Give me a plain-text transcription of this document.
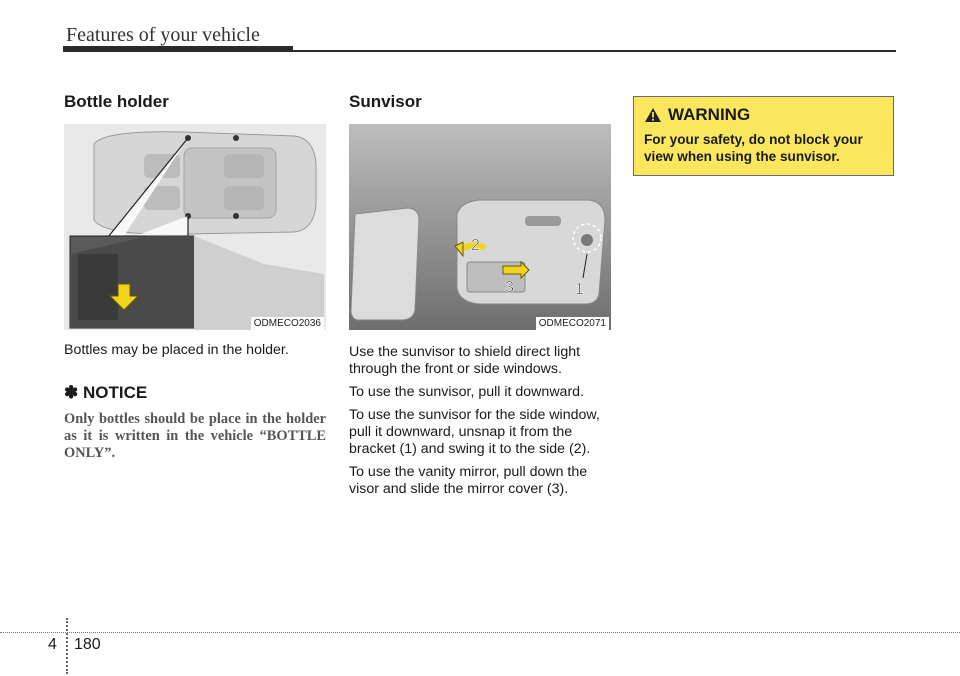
Features of your vehicle
Bottle holder
ODMECO2036

Bottles may be placed in the holder.

✽ NOTICE
Only bottles should be place in the holder as it is written in the vehicle “BOTTLE ONLY”.
Sunvisor
1
2
3
ODMECO2071

Use the sunvisor to shield direct light through the front or side windows.

To use the sunvisor, pull it downward.

To use the sunvisor for the side window, pull it downward, unsnap it from the bracket (1) and swing it to the side (2).

To use the vanity mirror, pull down the visor and slide the mirror cover (3).

WARNING
For your safety, do not block your view when using the sunvisor.
4 180
